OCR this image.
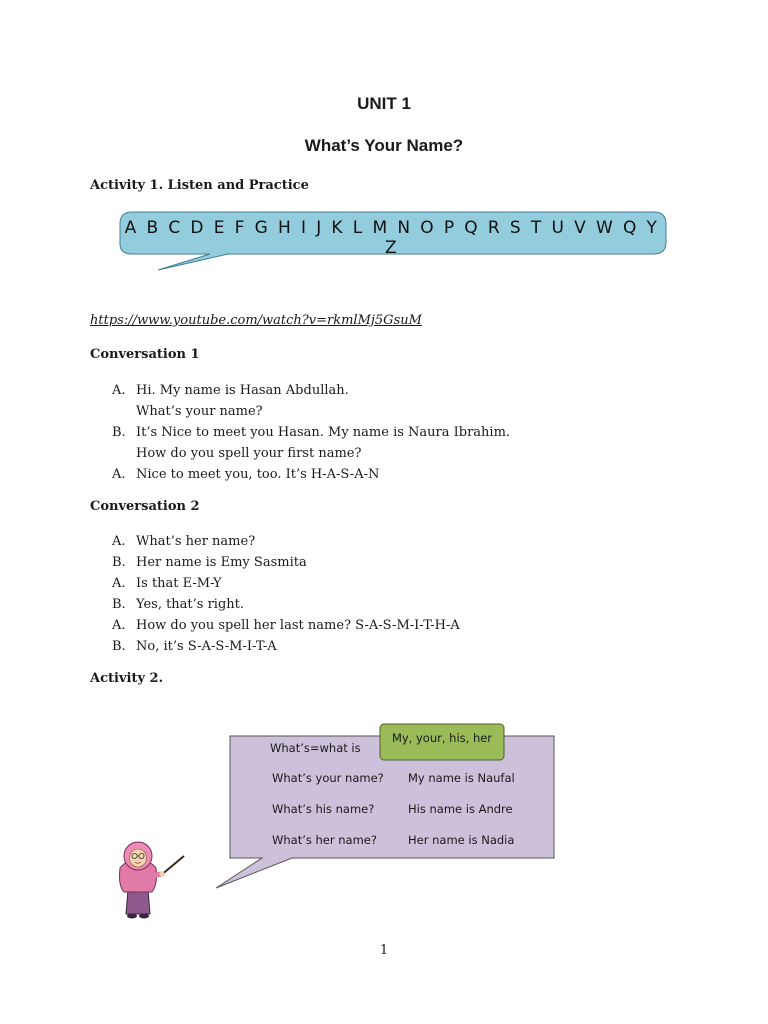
UNIT 1
What’s Your Name?
Activity 1. Listen and Practice
A B C D E F G H I J K L M N O P Q R S T U V W Q Y Z
https://www.youtube.com/watch?v=rkmlMj5GsuM
Conversation 1
A. Hi. My name is Hasan Abdullah.
What’s your name?
B. It’s Nice to meet you Hasan. My name is Naura Ibrahim.
How do you spell your first name?
A. Nice to meet you, too. It’s H-A-S-A-N
Conversation 2
A. What’s her name?
B. Her name is Emy Sasmita
A. Is that E-M-Y
B. Yes, that’s right.
A. How do you spell her last name? S-A-S-M-I-T-H-A
B. No, it’s S-A-S-M-I-T-A
Activity 2.
My, your, his, her
What’s=what is
What’s your name? My name is Naufal
What’s his name?	His name is Andre
What’s her name?	Her name is Nadia
1
